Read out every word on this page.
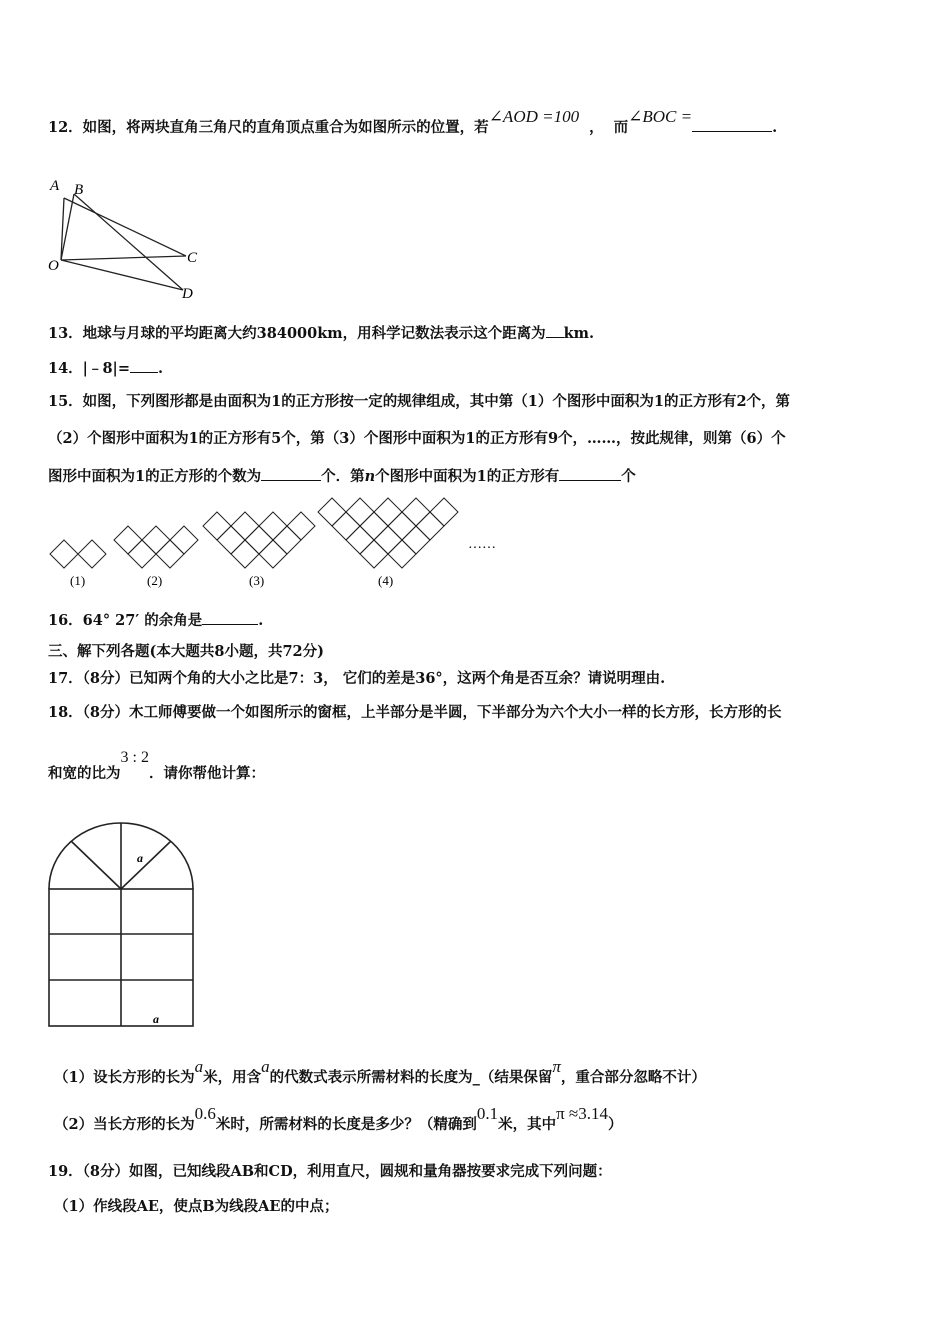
12．如图，将两块直角三角尺的直角顶点重合为如图所示的位置，若∠AOD =100， 而∠BOC =.
A B
O	C
D
13．地球与月球的平均距离大约384000km，用科学记数法表示这个距离为 km.
14．|﹣8|= .
15．如图，下列图形都是由面积为1的正方形按一定的规律组成，其中第（1）个图形中面积为1的正方形有2个，第
（2）个图形中面积为1的正方形有5个，第（3）个图形中面积为1的正方形有9个，……，按此规律，则第（6）个
图形中面积为1的正方形的个数为	个．第n个图形中面积为1的正方形有	个
(1)	(2)	(3)	(4)
……
16．64° 27′ 的余角是	.
三、解下列各题(本大题共8小题，共72分)
17．（8分）已知两个角的大小之比是7：3， 它们的差是36°，这两个角是否互余？请说明理由.
18．（8分）木工师傅要做一个如图所示的窗框，上半部分是半圆，下半部分为六个大小一样的长方形，长方形的长
和宽的比为3 : 2．请你帮他计算：
a
a
（1）设长方形的长为a米，用含a的代数式表示所需材料的长度为_（结果保留π，重合部分忽略不计）
（2）当长方形的长为0.6米时，所需材料的长度是多少？（精确到0.1米，其中π ≈3.14）
19．（8分）如图，已知线段AB和CD，利用直尺，圆规和量角器按要求完成下列问题：
（1）作线段AE，使点B为线段AE的中点；
